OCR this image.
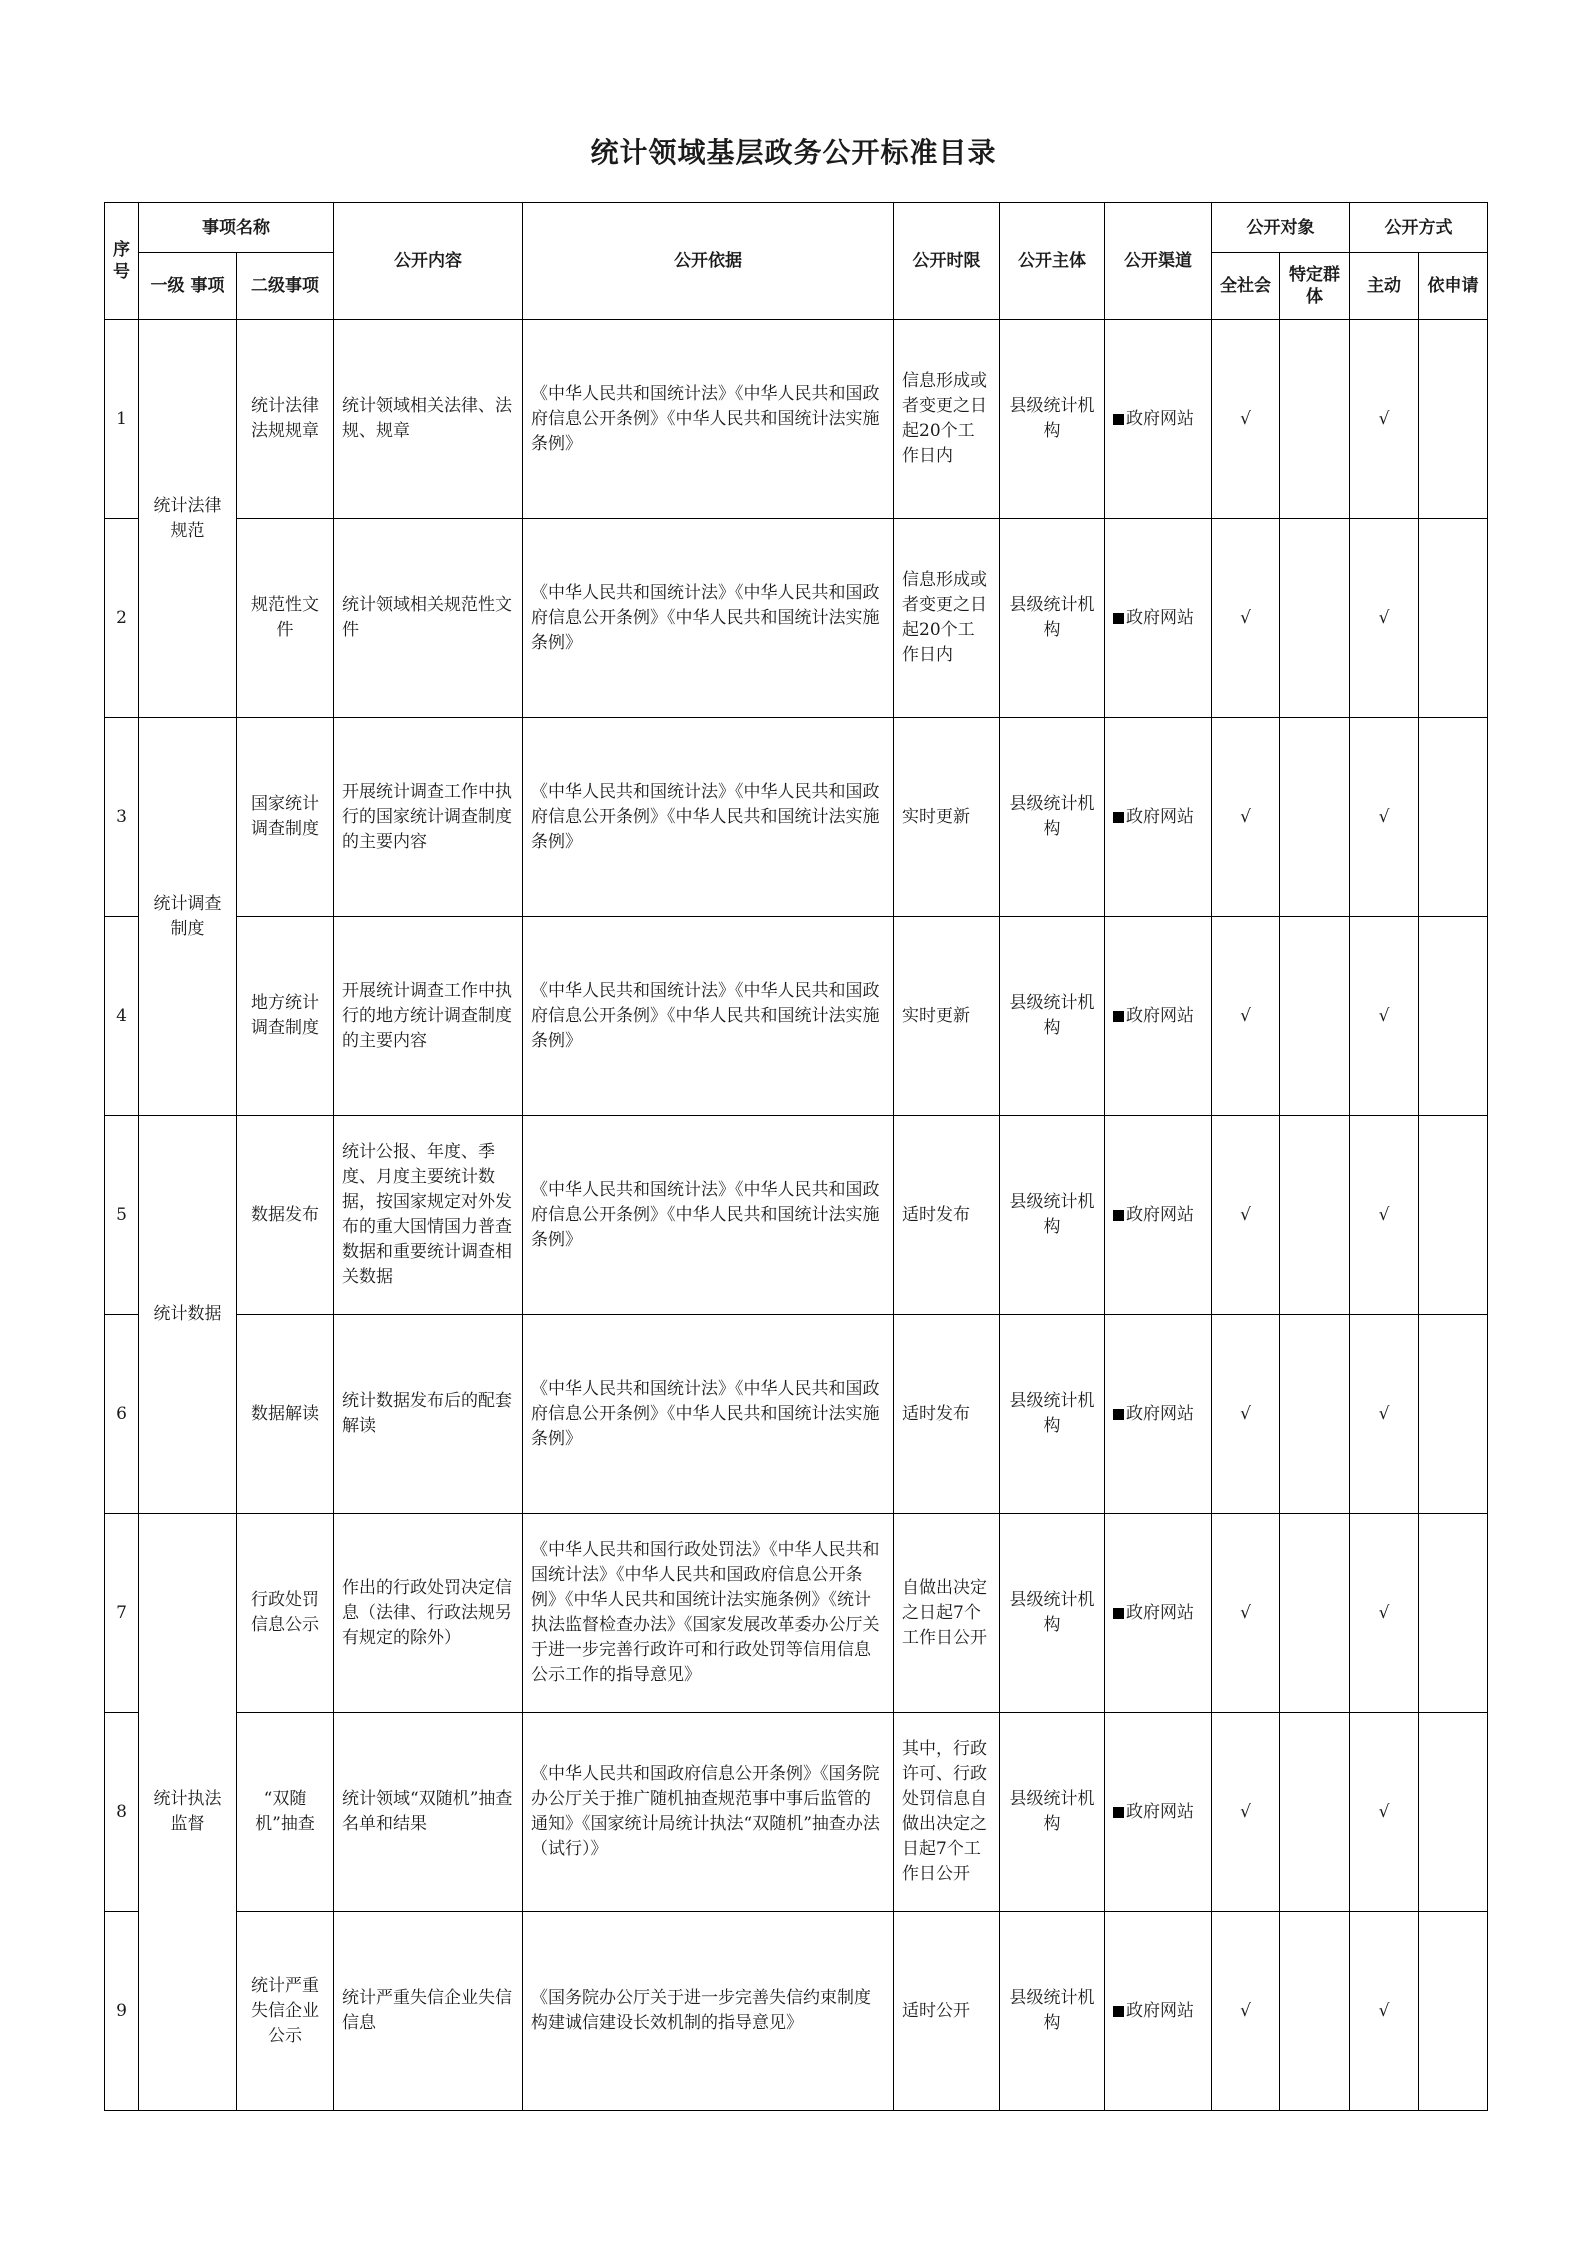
统计领域基层政务公开标准目录
序号	事项名称		公开内容	公开依据	公开时限	公开主体	公开渠道	公开对象		公开方式	
	一级 事项	二级事项						全社会	特定群体	主动	依申请
1	统计法律规范	统计法律法规规章	统计领域相关法律、法规、规章	《中华人民共和国统计法》《中华人民共和国政府信息公开条例》《中华人民共和国统计法实施条例》	信息形成或者变更之日起20个工作日内	县级统计机构	政府网站	√		√	
2		规范性文件	统计领域相关规范性文件	《中华人民共和国统计法》《中华人民共和国政府信息公开条例》《中华人民共和国统计法实施条例》	信息形成或者变更之日起20个工作日内	县级统计机构	政府网站	√		√	
3	统计调查制度	国家统计调查制度	开展统计调查工作中执行的国家统计调查制度的主要内容	《中华人民共和国统计法》《中华人民共和国政府信息公开条例》《中华人民共和国统计法实施条例》	实时更新	县级统计机构	政府网站	√		√	
4		地方统计调查制度	开展统计调查工作中执行的地方统计调查制度的主要内容	《中华人民共和国统计法》《中华人民共和国政府信息公开条例》《中华人民共和国统计法实施条例》	实时更新	县级统计机构	政府网站	√		√	
5	统计数据	数据发布	统计公报、年度、季度、月度主要统计数据，按国家规定对外发布的重大国情国力普查数据和重要统计调查相关数据	《中华人民共和国统计法》《中华人民共和国政府信息公开条例》《中华人民共和国统计法实施条例》	适时发布	县级统计机构	政府网站	√		√	
6		数据解读	统计数据发布后的配套解读	《中华人民共和国统计法》《中华人民共和国政府信息公开条例》《中华人民共和国统计法实施条例》	适时发布	县级统计机构	政府网站	√		√	
7	统计执法监督	行政处罚信息公示	作出的行政处罚决定信息（法律、行政法规另有规定的除外）	《中华人民共和国行政处罚法》《中华人民共和国统计法》《中华人民共和国政府信息公开条例》《中华人民共和国统计法实施条例》《统计执法监督检查办法》《国家发展改革委办公厅关于进一步完善行政许可和行政处罚等信用信息公示工作的指导意见》	自做出决定之日起7个工作日公开	县级统计机构	政府网站	√		√	
8		“双随机”抽查	统计领域“双随机”抽查名单和结果	《中华人民共和国政府信息公开条例》《国务院办公厅关于推广随机抽查规范事中事后监管的通知》《国家统计局统计执法“双随机”抽查办法（试行）》	其中，行政许可、行政处罚信息自做出决定之日起7个工作日公开	县级统计机构	政府网站	√		√	
9		统计严重失信企业公示	统计严重失信企业失信信息	《国务院办公厅关于进一步完善失信约束制度构建诚信建设长效机制的指导意见》	适时公开	县级统计机构	政府网站	√		√	
